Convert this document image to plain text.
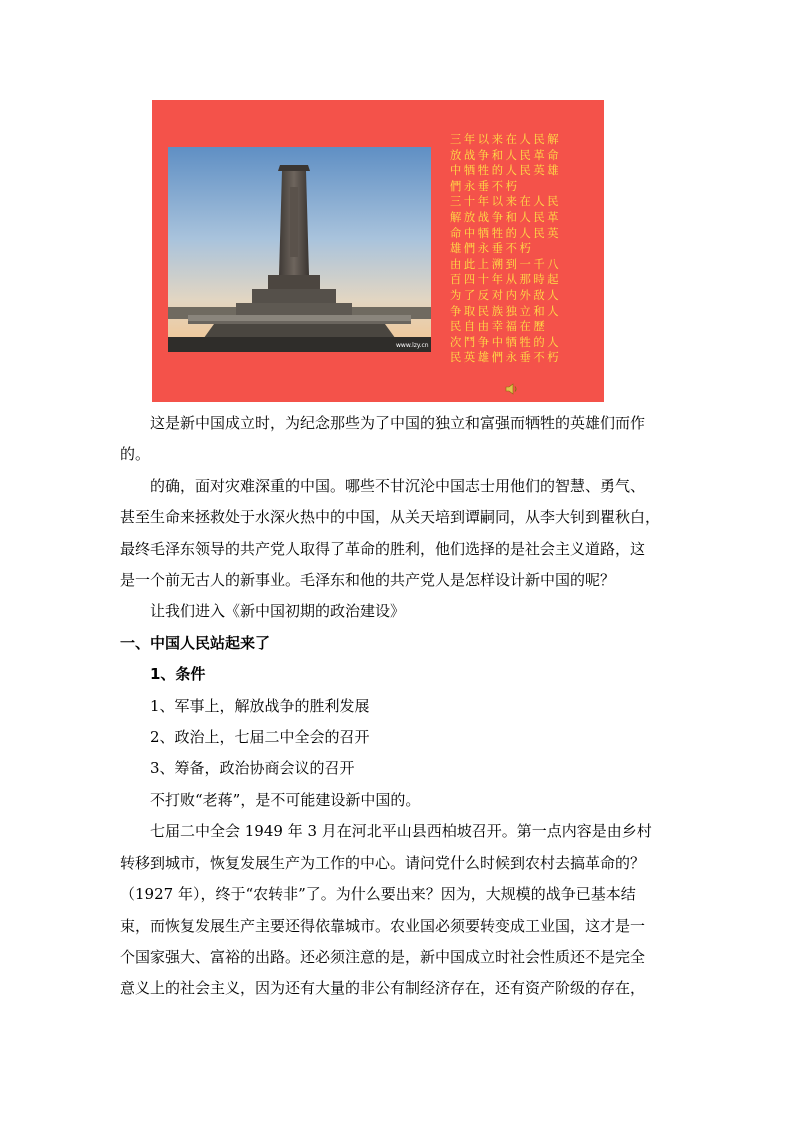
www.lzy.cn
三年以来在人民解
放战争和人民革命
中牺牲的人民英雄
們永垂不朽
三十年以来在人民
解放战争和人民革
命中牺牲的人民英
雄們永垂不朽
由此上溯到一千八
百四十年从那時起
为了反对内外敌人
争取民族独立和人
民自由幸福在歷
次鬥争中牺牲的人
民英雄們永垂不朽
这是新中国成立时，为纪念那些为了中国的独立和富强而牺牲的英雄们而作
的。
的确，面对灾难深重的中国。哪些不甘沉沦中国志士用他们的智慧、勇气、
甚至生命来拯救处于水深火热中的中国，从关天培到谭嗣同，从李大钊到瞿秋白，
最终毛泽东领导的共产党人取得了革命的胜利，他们选择的是社会主义道路，这
是一个前无古人的新事业。毛泽东和他的共产党人是怎样设计新中国的呢？
让我们进入《新中国初期的政治建设》
一、中国人民站起来了
1、条件
1、军事上，解放战争的胜利发展
2、政治上，七届二中全会的召开
3、筹备，政治协商会议的召开
不打败“老蒋”，是不可能建设新中国的。
七届二中全会 1949 年 3 月在河北平山县西柏坡召开。第一点内容是由乡村
转移到城市，恢复发展生产为工作的中心。请问党什么时候到农村去搞革命的？
（1927 年），终于“农转非”了。为什么要出来？因为，大规模的战争已基本结
束，而恢复发展生产主要还得依靠城市。农业国必须要转变成工业国，这才是一
个国家强大、富裕的出路。还必须注意的是，新中国成立时社会性质还不是完全
意义上的社会主义，因为还有大量的非公有制经济存在，还有资产阶级的存在，
